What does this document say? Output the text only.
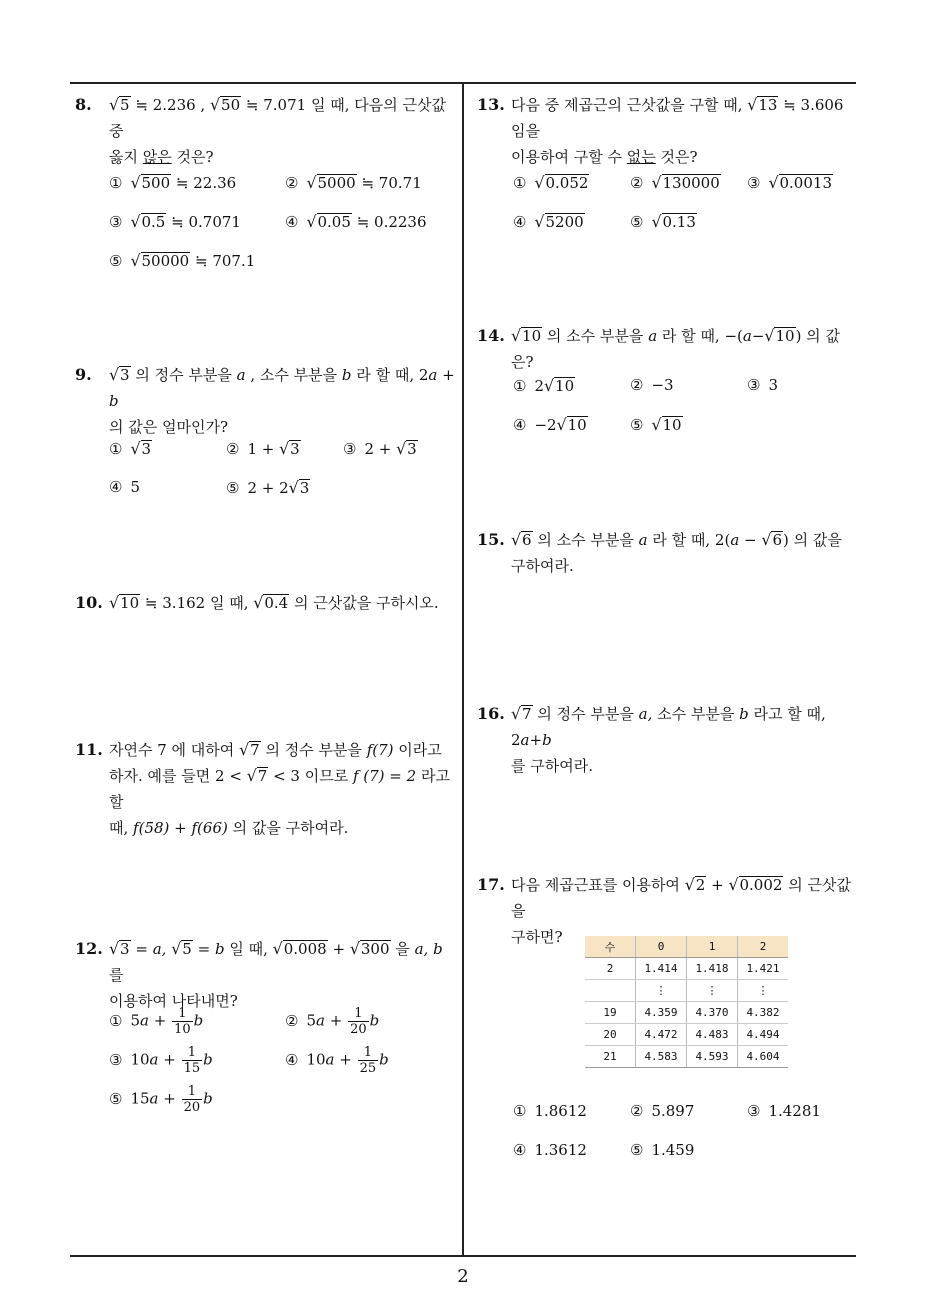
2
8. √5 ≒ 2.236 , √50 ≒ 7.071 일 때, 다음의 근삿값 중
옳지 않은 것은?
① √500 ≒ 22.36	② √5000 ≒ 70.71
③ √0.5 ≒ 0.7071	④ √0.05 ≒ 0.2236
⑤ √50000 ≒ 707.1
9. √3 의 정수 부분을 a , 소수 부분을 b 라 할 때, 2a + b
의 값은 얼마인가?
① √3	② 1 + √3	③ 2 + √3
④ 5	⑤ 2 + 2√3
10. √10 ≒ 3.162 일 때, √0.4 의 근삿값을 구하시오.
11. 자연수 7 에 대하여 √7 의 정수 부분을 f(7) 이라고
하자. 예를 들면 2 < √7 < 3 이므로 f (7) = 2 라고 할
때, f(58) + f(66) 의 값을 구하여라.
12. √3 = a, √5 = b 일 때, √0.008 + √300 을 a, b 를
이용하여 나타내면?
① $5a + \frac{1}{10}$ b	② $5a + \frac{1}{20}$ b
③ $10a + \frac{1}{15}$ b	④ $10a + \frac{1}{25}$ b
⑤ $15a + \frac{1}{20}$ b
13. 다음 중 제곱근의 근삿값을 구할 때, √13 ≒ 3.606 임을
이용하여 구할 수 없는 것은?
① √0.052	② √130000 ③ √0.0013
④ √5200	⑤ √0.13
14. √10 의 소수 부분을 a 라 할 때, −(a−√10) 의 값은?
① 2√10	② −3	③ 3
④ −2√10	⑤ √10
15. √6 의 소수 부분을 a 라 할 때, 2(a − √6) 의 값을
구하여라.
16. √7 의 정수 부분을 a, 소수 부분을 b 라고 할 때, 2a+b
를 구하여라.
17. 다음 제곱근표를 이용하여 √2 + √0.002 의 근삿값을
구하면?
수	0	1	2
2	1.414	1.418	1.421
	⋮	⋮	⋮
19	4.359	4.370	4.382
20	4.472	4.483	4.494
21	4.583	4.593	4.604
① 1.8612	② 5.897	③ 1.4281
④ 1.3612	⑤ 1.459
